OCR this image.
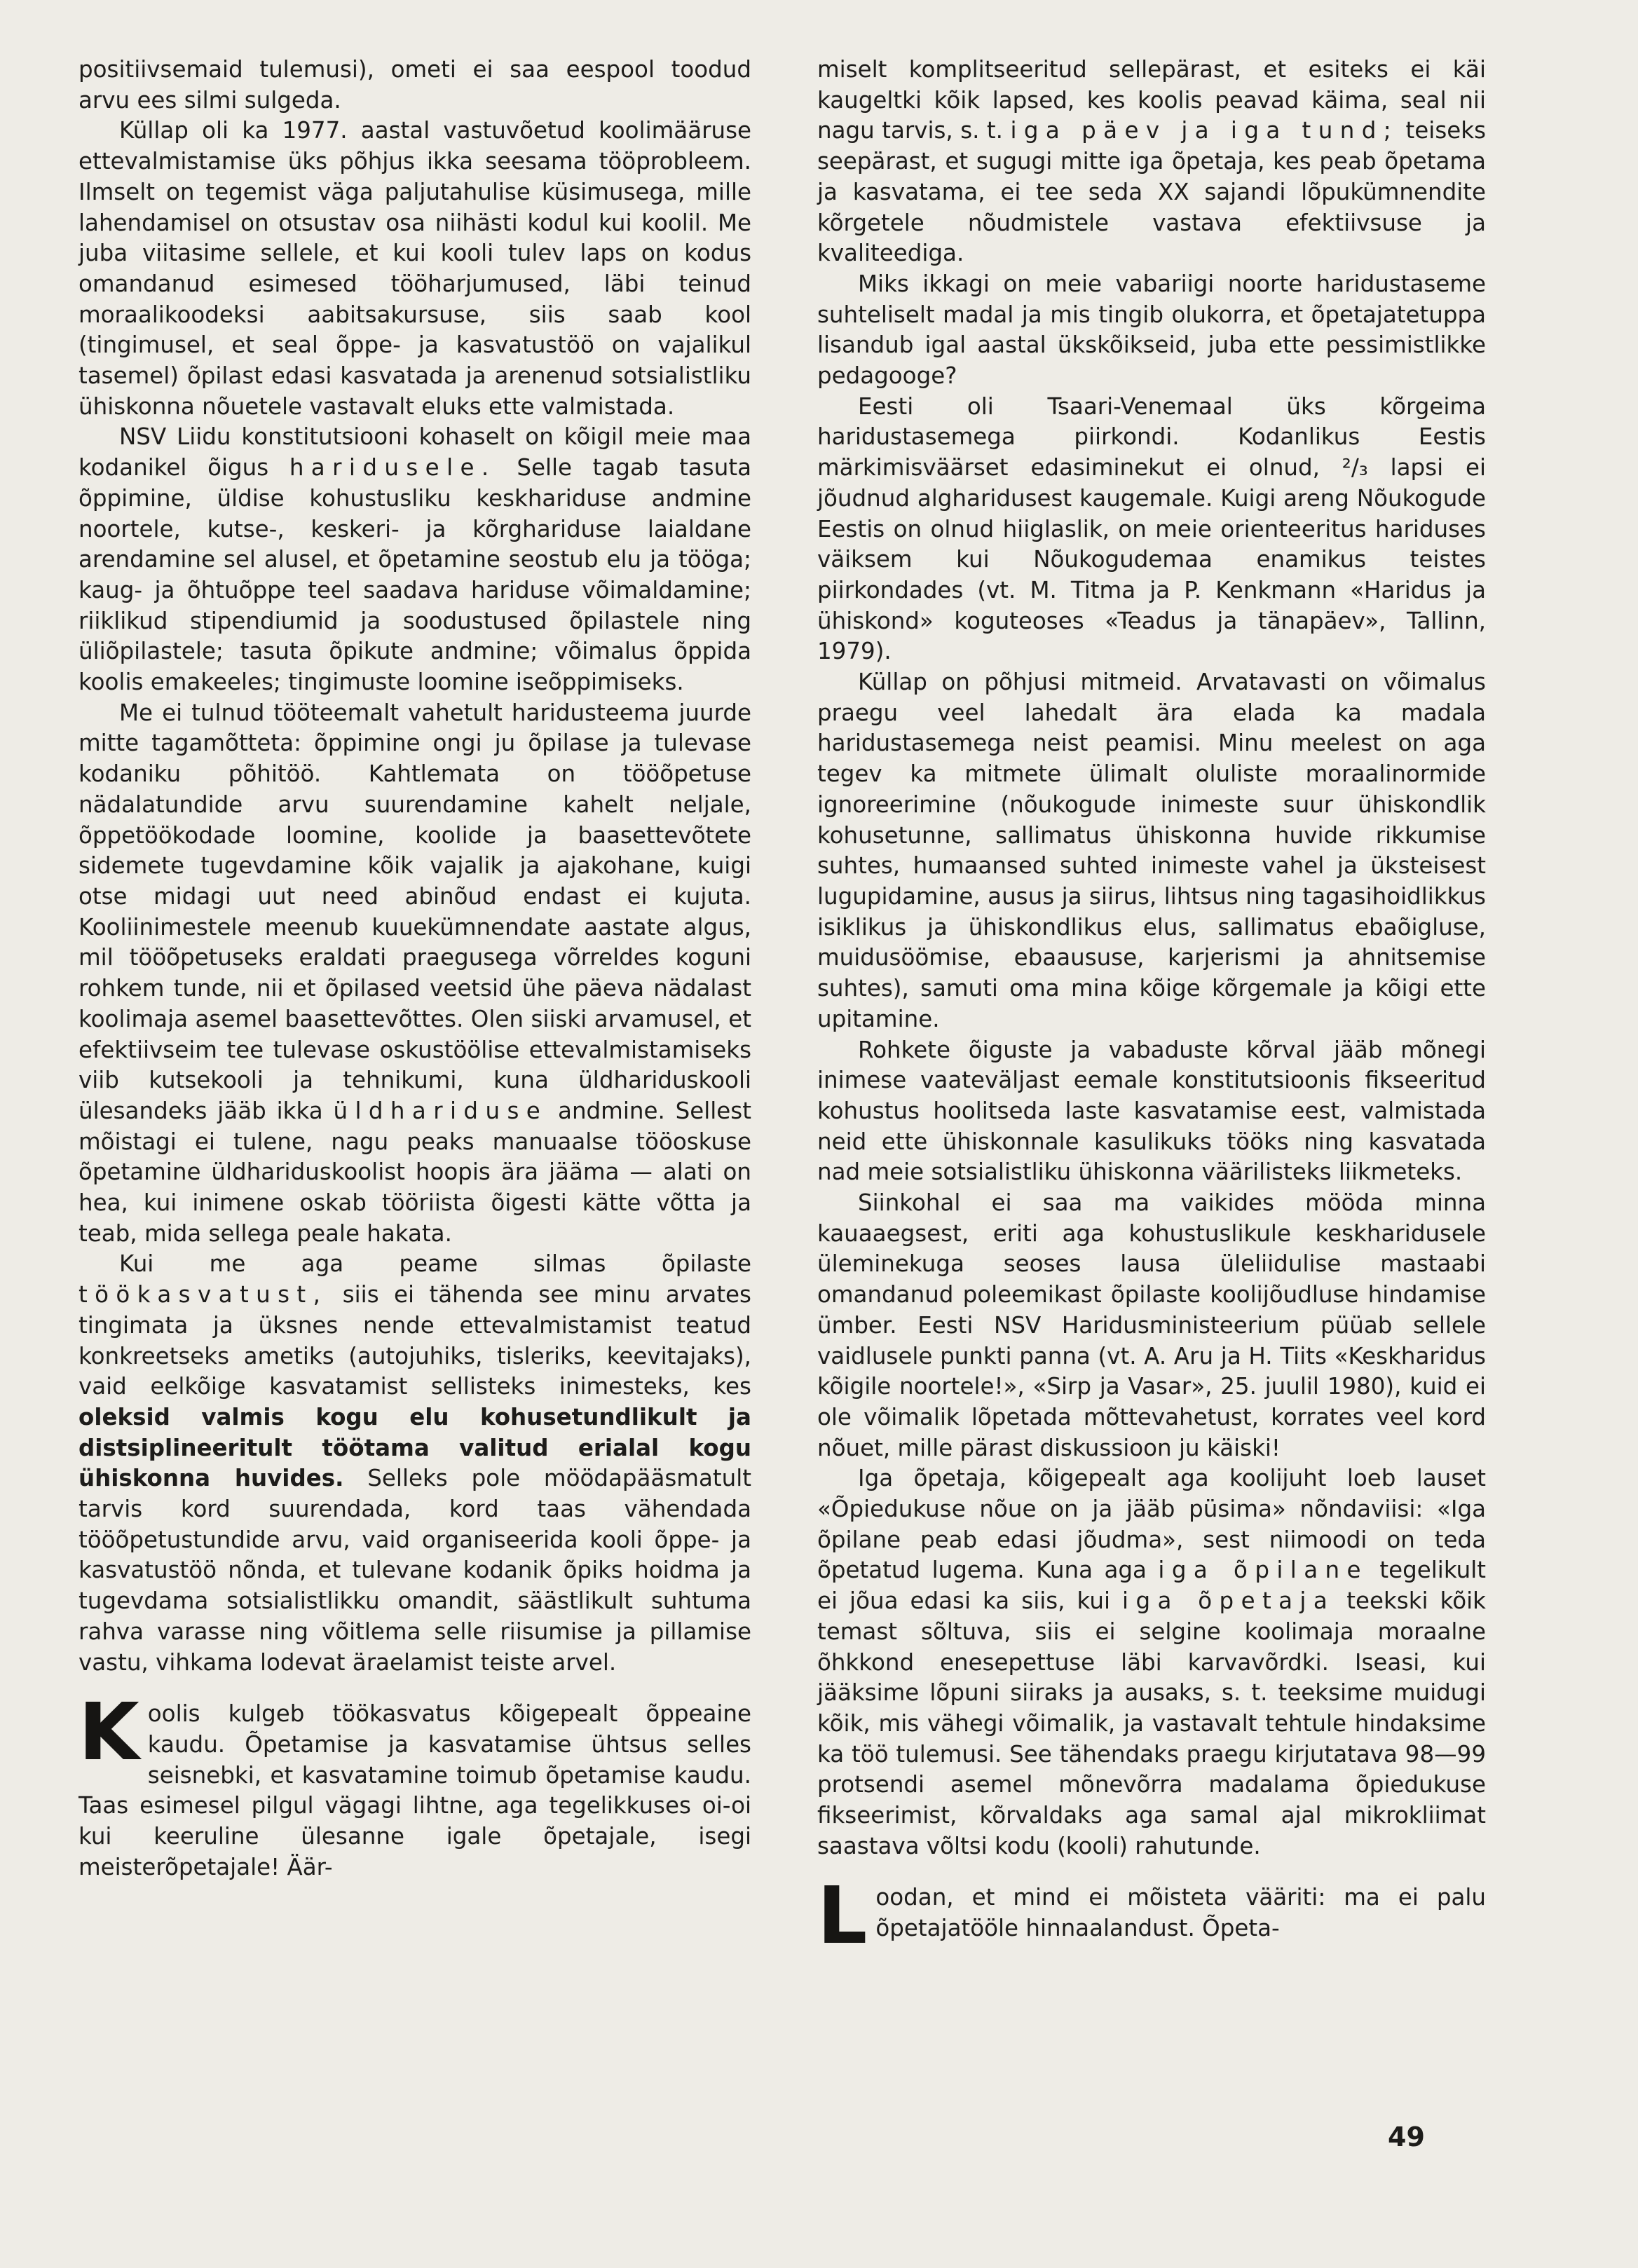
positiivsemaid tulemusi), ometi ei saa eespool toodud arvu ees silmi sulgeda.

Küllap oli ka 1977. aastal vastuvõetud koolimääruse ettevalmistamise üks põhjus ikka seesama tööprobleem. Ilmselt on tegemist väga paljutahulise küsimusega, mille lahendamisel on otsustav osa niihästi kodul kui koolil. Me juba viitasime sellele, et kui kooli tulev laps on kodus omandanud esimesed tööharjumused, läbi teinud moraalikoodeksi aabitsakursuse, siis saab kool (tingimusel, et seal õppe- ja kasvatustöö on vajalikul tasemel) õpilast edasi kasvatada ja arenenud sotsialistliku ühiskonna nõuetele vastavalt eluks ette valmistada.

NSV Liidu konstitutsiooni kohaselt on kõigil meie maa kodanikel õigus haridusele. Selle tagab tasuta õppimine, üldise kohustusliku keskhariduse andmine noortele, kutse-, keskeri- ja kõrghariduse laialdane arendamine sel alusel, et õpetamine seostub elu ja tööga; kaug- ja õhtuõppe teel saadava hariduse võimaldamine; riiklikud stipendiumid ja soodustused õpilastele ning üliõpilastele; tasuta õpikute andmine; võimalus õppida koolis emakeeles; tingimuste loomine iseõppimiseks.

Me ei tulnud tööteemalt vahetult haridusteema juurde mitte tagamõtteta: õppimine ongi ju õpilase ja tulevase kodaniku põhitöö. Kahtlemata on tööõpetuse nädalatundide arvu suurendamine kahelt neljale, õppetöökodade loomine, koolide ja baasettevõtete sidemete tugevdamine kõik vajalik ja ajakohane, kuigi otse midagi uut need abinõud endast ei kujuta. Kooliinimestele meenub kuuekümnendate aastate algus, mil tööõpetuseks eraldati praegusega võrreldes koguni rohkem tunde, nii et õpilased veetsid ühe päeva nädalast koolimaja asemel baasettevõttes. Olen siiski arvamusel, et efektiivseim tee tulevase oskustöölise ettevalmistamiseks viib kutsekooli ja tehnikumi, kuna üldhariduskooli ülesandeks jääb ikka üldhariduse andmine. Sellest mõistagi ei tulene, nagu peaks manuaalse tööoskuse õpetamine üldhariduskoolist hoopis ära jääma — alati on hea, kui inimene oskab tööriista õigesti kätte võtta ja teab, mida sellega peale hakata.

Kui me aga peame silmas õpilaste töökasvatust, siis ei tähenda see minu arvates tingimata ja üksnes nende ettevalmistamist teatud konkreetseks ametiks (autojuhiks, tisleriks, keevitajaks), vaid eelkõige kasvatamist sellisteks inimesteks, kes oleksid valmis kogu elu kohusetundlikult ja distsiplineeritult töötama valitud erialal kogu ühiskonna huvides. Selleks pole möödapääsmatult tarvis kord suurendada, kord taas vähendada tööõpetustundide arvu, vaid organiseerida kooli õppe- ja kasvatustöö nõnda, et tulevane kodanik õpiks hoidma ja tugevdama sotsialistlikku omandit, säästlikult suhtuma rahva varasse ning võitlema selle riisumise ja pillamise vastu, vihkama lodevat äraelamist teiste arvel.

Koolis kulgeb töökasvatus kõigepealt õppeaine kaudu. Õpetamise ja kasvatamise ühtsus selles seisnebki, et kasvatamine toimub õpetamise kaudu. Taas esimesel pilgul vägagi lihtne, aga tegelikkuses oi-oi kui keeruline ülesanne igale õpetajale, isegi meisterõpetajale! Äär-

miselt komplitseeritud sellepärast, et esiteks ei käi kaugeltki kõik lapsed, kes koolis peavad käima, seal nii nagu tarvis, s. t. iga päev ja iga tund; teiseks seepärast, et sugugi mitte iga õpetaja, kes peab õpetama ja kasvatama, ei tee seda XX sajandi lõpukümnendite kõrgetele nõudmistele vastava efektiivsuse ja kvaliteediga.

Miks ikkagi on meie vabariigi noorte haridustaseme suhteliselt madal ja mis tingib olukorra, et õpetajatetuppa lisandub igal aastal ükskõikseid, juba ette pessimistlikke pedagooge?

Eesti oli Tsaari-Venemaal üks kõrgeima haridustasemega piirkondi. Kodanlikus Eestis märkimisväärset edasiminekut ei olnud, ²/₃ lapsi ei jõudnud algharidusest kaugemale. Kuigi areng Nõukogude Eestis on olnud hiiglaslik, on meie orienteeritus hariduses väiksem kui Nõukogudemaa enamikus teistes piirkondades (vt. M. Titma ja P. Kenkmann «Haridus ja ühiskond» koguteoses «Teadus ja tänapäev», Tallinn, 1979).

Küllap on põhjusi mitmeid. Arvatavasti on võimalus praegu veel lahedalt ära elada ka madala haridustasemega neist peamisi. Minu meelest on aga tegev ka mitmete ülimalt oluliste moraalinormide ignoreerimine (nõukogude inimeste suur ühiskondlik kohusetunne, sallimatus ühiskonna huvide rikkumise suhtes, humaansed suhted inimeste vahel ja üksteisest lugupidamine, ausus ja siirus, lihtsus ning tagasihoidlikkus isiklikus ja ühiskondlikus elus, sallimatus ebaõigluse, muidusöömise, ebaaususe, karjerismi ja ahnitsemise suhtes), samuti oma mina kõige kõrgemale ja kõigi ette upitamine.

Rohkete õiguste ja vabaduste kõrval jääb mõnegi inimese vaateväljast eemale konstitutsioonis fikseeritud kohustus hoolitseda laste kasvatamise eest, valmistada neid ette ühiskonnale kasulikuks tööks ning kasvatada nad meie sotsialistliku ühiskonna väärilisteks liikmeteks.

Siinkohal ei saa ma vaikides mööda minna kauaaegsest, eriti aga kohustuslikule keskharidusele üleminekuga seoses lausa üleliidulise mastaabi omandanud poleemikast õpilaste koolijõudluse hindamise ümber. Eesti NSV Haridusministeerium püüab sellele vaidlusele punkti panna (vt. A. Aru ja H. Tiits «Keskharidus kõigile noortele!», «Sirp ja Vasar», 25. juulil 1980), kuid ei ole võimalik lõpetada mõttevahetust, korrates veel kord nõuet, mille pärast diskussioon ju käiski!

Iga õpetaja, kõigepealt aga koolijuht loeb lauset «Õpiedukuse nõue on ja jääb püsima» nõndaviisi: «Iga õpilane peab edasi jõudma», sest niimoodi on teda õpetatud lugema. Kuna aga iga õpilane tegelikult ei jõua edasi ka siis, kui iga õpetaja teekski kõik temast sõltuva, siis ei selgine koolimaja moraalne õhkkond enesepettuse läbi karvavõrdki. Iseasi, kui jääksime lõpuni siiraks ja ausaks, s. t. teeksime muidugi kõik, mis vähegi võimalik, ja vastavalt tehtule hindaksime ka töö tulemusi. See tähendaks praegu kirjutatava 98—99 protsendi asemel mõnevõrra madalama õpiedukuse fikseerimist, kõrvaldaks aga samal ajal mikrokliimat saastava võltsi kodu (kooli) rahutunde.

Loodan, et mind ei mõisteta vääriti: ma ei palu õpetajatööle hinnaalandust. Õpeta-

49
